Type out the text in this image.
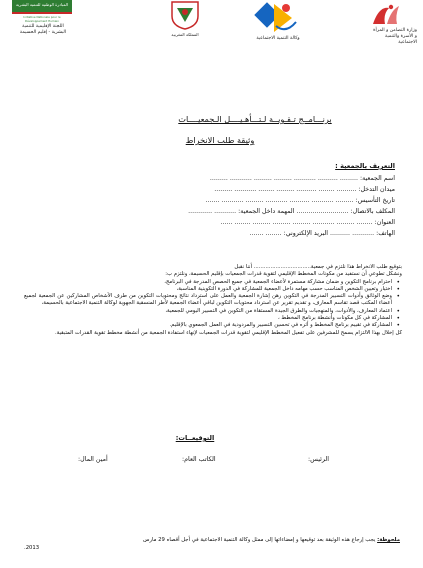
وزارة التضامن و المرأة
و الأسرة والتنمية
الاجتماعية
وكالة التنمية الاجتماعية
المملكة المغربية
المبادرة الوطنية للتنمية البشرية
Initiative Nationale pour le Développement Humain
اللجنة الإقليمية للتنمية
البشرية - إقليم الحسيمة
برنـــامــج تـقـويــة لـتـــأهـيــــل الـجمعيــــات
وثيقة طلب الانخراط
التعريف بالجمعية :
اسم الجمعية: ......... .......... ........... ......... ......... ........... .........
ميدان التدخل: .......... ........ .......... ......... ........ ........... .........
تاريخ التأسيس: ......... ........... .......... ........... ......... ........... .......
المكلف بالاتصال: .......................... المهمة داخل الجمعية: ........... ............
العنوان: ........ ......... ........... ......... ......... ......... ........ ......
الهاتف: ........... .......... البريد الإلكتروني: ........ .......
بتوقيع طلب الانخراط هذا نلتزم في جمعية.................................. أننا نقبل
ونشكل تطوعي أن نستفيد من مكونات المخطط الإقليمي لتقوية قدرات الجمعيات بإقليم الحسيمة، ونلتزم ب:
• احترام برنامج التكوين و ضمان مشاركة مستمرة لأعضاء الجمعية في جميع الحصص المدرجة في البرنامج،
• اختيار وتعيين الشخص المناسب حسب مهامه داخل الجمعية للمشاركة في الدورة التكوينية المناسبة،
• وضع الوثائق وأدوات التسيير المدرجة في التكوين رهن إشارة الجمعية والعمل على استرداد نتائج ومحتويات التكوين من طرف الأشخاص المشاركين عن الجمعية لجميع أعضاء المكتب قصد تقاسم المعارف، و تقديم تقرير عن استرداد محتويات التكوين لباقي أعضاء الجمعية لأطر المنسقية الجهوية لوكالة التنمية الاجتماعية بالحسيمة،
• اعتماد المعارف، والأدوات، والمنهجيات والطرق الجيدة المستقاة من التكوين في التسيير اليومي للجمعية،
• المشاركة في كل مكونات وأنشطة برنامج المخطط ،
• المشاركة في تقييم برنامج المخطط و أثره في تحسين التسيير والمردودية في العمل الجمعوي بالإقليم.
كل إخلال بهذا الالتزام يسمح للمشرفين على تفعيل المخطط الإقليمي لتقوية قدرات الجمعيات لإنهاء استفادة الجمعية من أنشطة مخطط تقوية القدرات المتبقية.
التوقيعــات:
الرئيس:
الكاتب العام:
أمين المال:
ملحوظة: يجب إرجاع هذه الوثيقة بعد توقيعها و إمضاءاتها إلى ممثل وكالة التنمية الاجتماعية في أجل أقصاه 29 مارس
2013.
